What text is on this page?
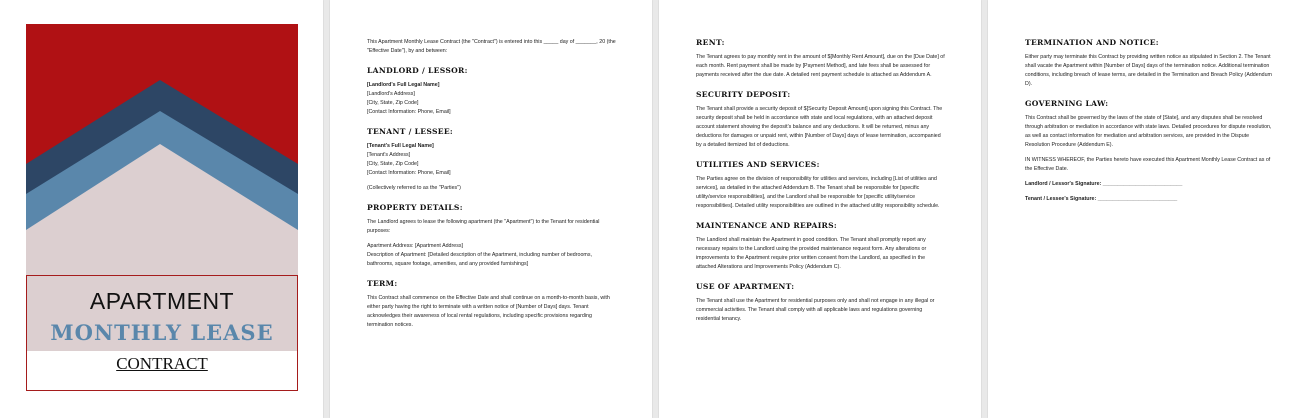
APARTMENT
MONTHLY LEASE
CONTRACT

This Apartment Monthly Lease Contract (the "Contract") is entered into this _____ day of _______, 20 (the "Effective Date"), by and between:

LANDLORD / LESSOR:
[Landlord's Full Legal Name]
[Landlord's Address]
[City, State, Zip Code]
[Contact Information: Phone, Email]
TENANT / LESSEE:
[Tenant's Full Legal Name]
[Tenant's Address]
[City, State, Zip Code]
[Contact Information: Phone, Email]

(Collectively referred to as the "Parties")

PROPERTY DETAILS:

The Landlord agrees to lease the following apartment (the "Apartment") to the Tenant for residential purposes:

Apartment Address: [Apartment Address]

Description of Apartment: [Detailed description of the Apartment, including number of bedrooms, bathrooms, square footage, amenities, and any provided furnishings]

TERM:

This Contract shall commence on the Effective Date and shall continue on a month-to-month basis, with either party having the right to terminate with a written notice of [Number of Days] days. Tenant acknowledges their awareness of local rental regulations, including specific provisions regarding termination notices.

RENT:

The Tenant agrees to pay monthly rent in the amount of $[Monthly Rent Amount], due on the [Due Date] of each month. Rent payment shall be made by [Payment Method], and late fees shall be assessed for payments received after the due date. A detailed rent payment schedule is attached as Addendum A.

SECURITY DEPOSIT:

The Tenant shall provide a security deposit of $[Security Deposit Amount] upon signing this Contract. The security deposit shall be held in accordance with state and local regulations, with an attached deposit account statement showing the deposit's balance and any deductions. It will be returned, minus any deductions for damages or unpaid rent, within [Number of Days] days of lease termination, accompanied by a detailed itemized list of deductions.

UTILITIES AND SERVICES:

The Parties agree on the division of responsibility for utilities and services, including [List of utilities and services], as detailed in the attached Addendum B. The Tenant shall be responsible for [specific utility/service responsibilities], and the Landlord shall be responsible for [specific utility/service responsibilities]. Detailed utility responsibilities are outlined in the attached utility responsibility schedule.

MAINTENANCE AND REPAIRS:

The Landlord shall maintain the Apartment in good condition. The Tenant shall promptly report any necessary repairs to the Landlord using the provided maintenance request form. Any alterations or improvements to the Apartment require prior written consent from the Landlord, as specified in the attached Alterations and Improvements Policy (Addendum C).

USE OF APARTMENT:

The Tenant shall use the Apartment for residential purposes only and shall not engage in any illegal or commercial activities. The Tenant shall comply with all applicable laws and regulations governing residential tenancy.

TERMINATION AND NOTICE:

Either party may terminate this Contract by providing written notice as stipulated in Section 2. The Tenant shall vacate the Apartment within [Number of Days] days of the termination notice. Additional termination conditions, including breach of lease terms, are detailed in the Termination and Breach Policy (Addendum D).

GOVERNING LAW:

This Contract shall be governed by the laws of the state of [State], and any disputes shall be resolved through arbitration or mediation in accordance with state laws. Detailed procedures for dispute resolution, as well as contact information for mediation and arbitration services, are provided in the Dispute Resolution Procedure (Addendum E).

IN WITNESS WHEREOF, the Parties hereto have executed this Apartment Monthly Lease Contract as of the Effective Date.

Landlord / Lessor's Signature: ___________________________

Tenant / Lessee's Signature: ___________________________
